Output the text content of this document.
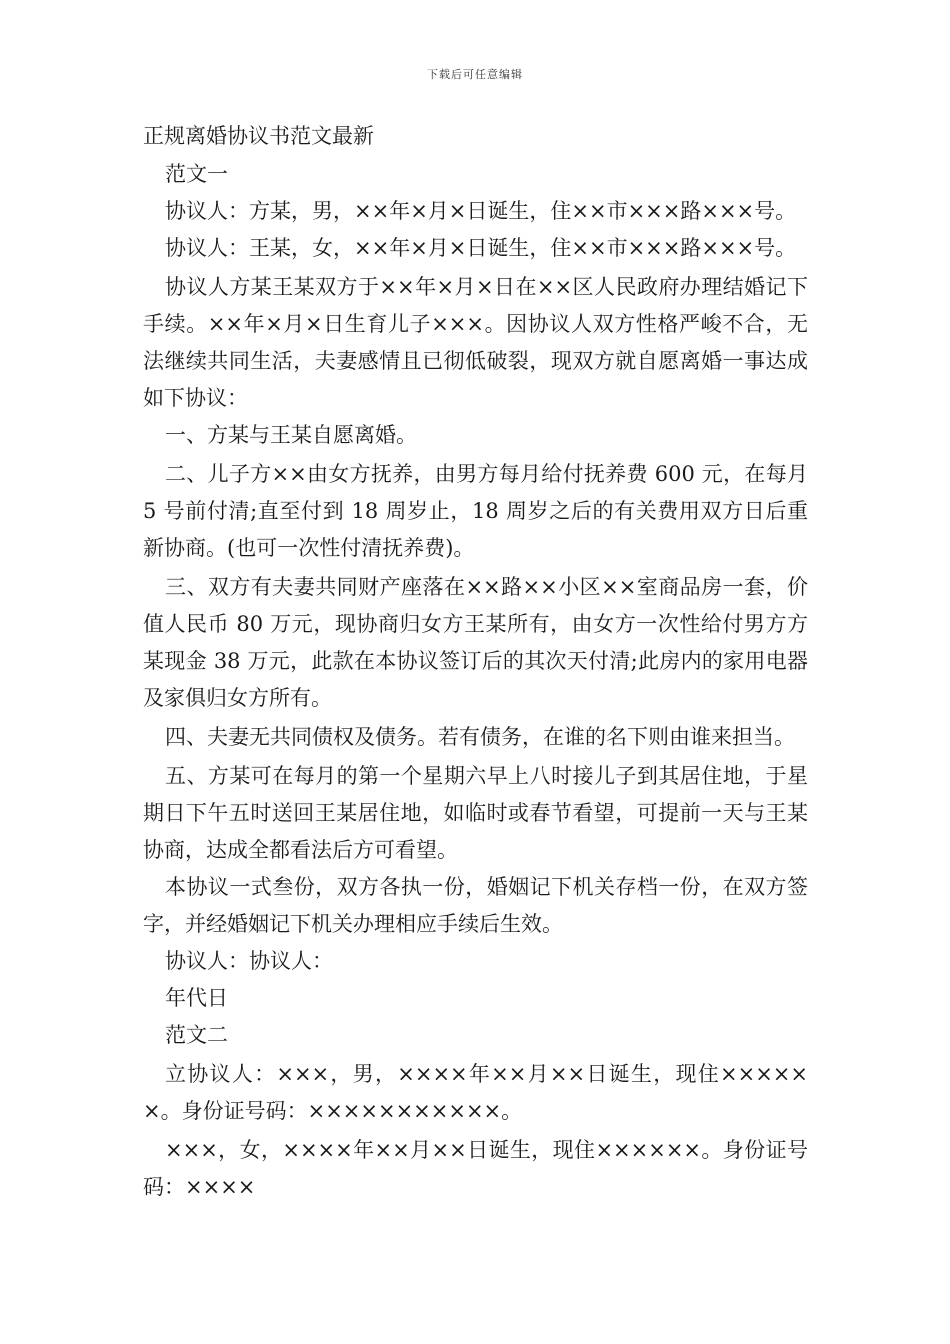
下载后可任意编辑

正规离婚协议书范文最新

范文一

协议人：方某，男，××年×月×日诞生，住××市×××路×××号。

协议人：王某，女，××年×月×日诞生，住××市×××路×××号。

协议人方某王某双方于××年×月×日在××区人民政府办理结婚记下手续。××年×月×日生育儿子×××。因协议人双方性格严峻不合，无法继续共同生活，夫妻感情且已彻低破裂，现双方就自愿离婚一事达成如下协议：

一、方某与王某自愿离婚。

二、儿子方××由女方抚养，由男方每月给付抚养费 600 元，在每月 5 号前付清;直至付到 18 周岁止，18 周岁之后的有关费用双方日后重新协商。(也可一次性付清抚养费)。

三、双方有夫妻共同财产座落在××路××小区××室商品房一套，价值人民币 80 万元，现协商归女方王某所有，由女方一次性给付男方方某现金 38 万元，此款在本协议签订后的其次天付清;此房内的家用电器及家俱归女方所有。

四、夫妻无共同债权及债务。若有债务，在谁的名下则由谁来担当。

五、方某可在每月的第一个星期六早上八时接儿子到其居住地，于星期日下午五时送回王某居住地，如临时或春节看望，可提前一天与王某协商，达成全都看法后方可看望。

本协议一式叁份，双方各执一份，婚姻记下机关存档一份，在双方签字，并经婚姻记下机关办理相应手续后生效。

协议人：协议人：

年代日

范文二

立协议人：×××，男，××××年××月××日诞生，现住××××××。身份证号码：×××××××××××。

×××，女，××××年××月××日诞生，现住××××××。身份证号码：××××
